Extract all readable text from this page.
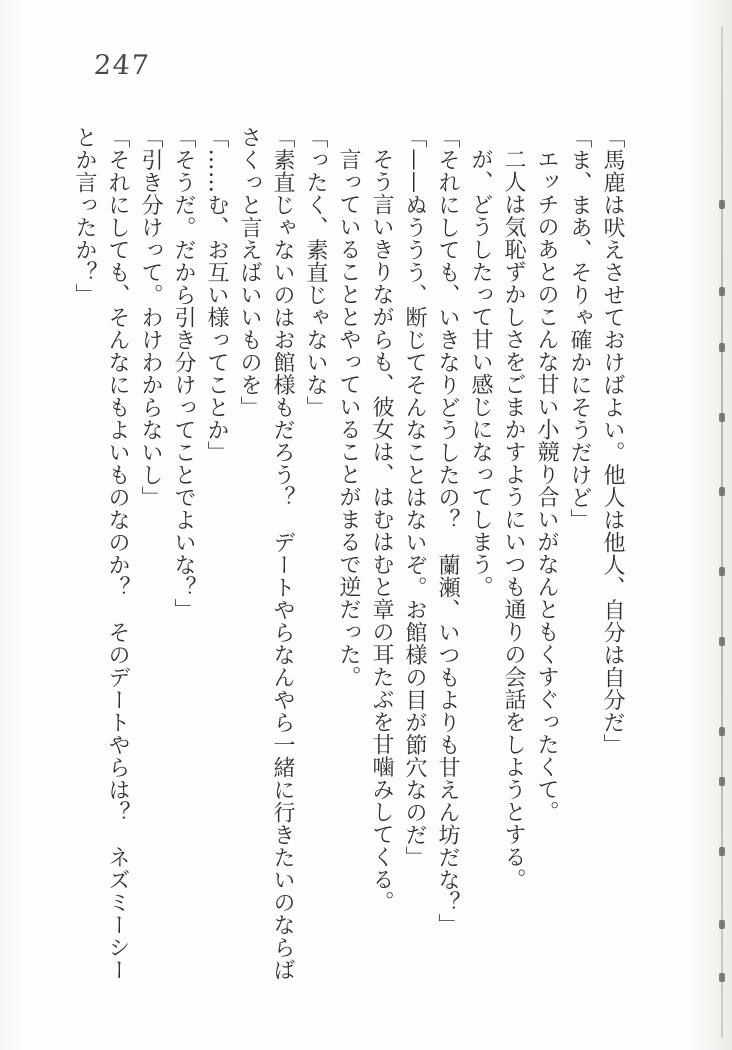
247

「馬鹿は吠えさせておけばよい。他人は他人、自分は自分だ」

「ま、まあ、そりゃ確かにそうだけど」

エッチのあとのこんな甘い小競り合いがなんともくすぐったくて。

二人は気恥ずかしさをごまかすようにいつも通りの会話をしようとする。

が、どうしたって甘い感じになってしまう。

「それにしても、いきなりどうしたの？　蘭瀬、いつもよりも甘えん坊だな？」

「——ぬううう、断じてそんなことはないぞ。お館様の目が節穴なのだ」

そう言いきりながらも、彼女は、はむはむと章の耳たぶを甘噛みしてくる。

言っていることとやっていることがまるで逆だった。

「ったく、素直じゃないな」

「素直じゃないのはお館様もだろう？　デートやらなんやら一緒に行きたいのならば

さくっと言えばいいものを」

「……む、お互い様ってことか」

「そうだ。だから引き分けってことでよいな？」

「引き分けって。わけわからないし」

「それにしても、そんなにもよいものなのか？　そのデートやらは？　ネズミーシー

とか言ったか？」
